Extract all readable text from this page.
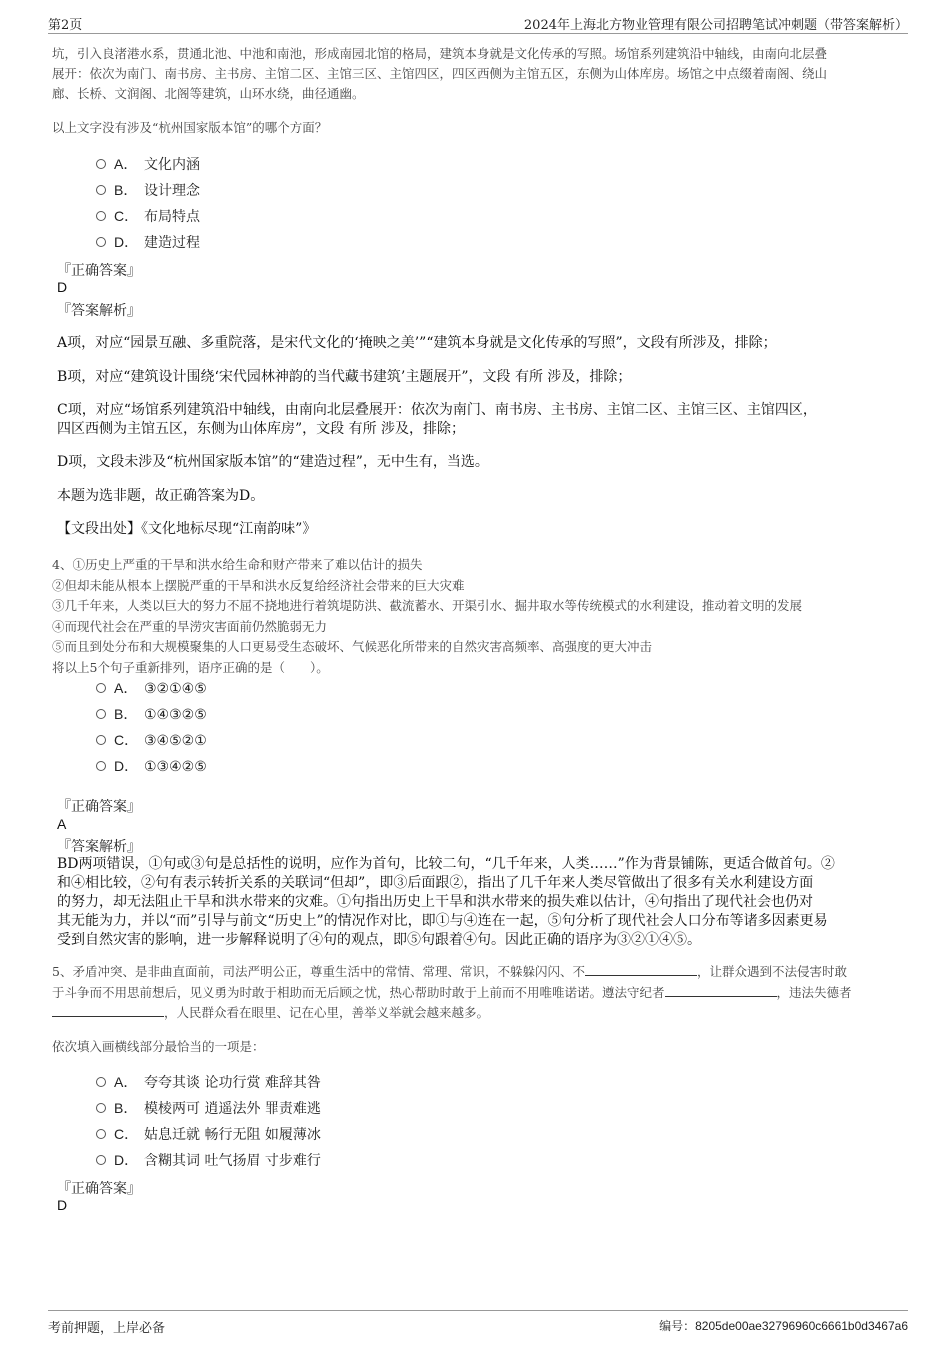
第2页	2024年上海北方物业管理有限公司招聘笔试冲刺题（带答案解析）
坑，引入良渚港水系，贯通北池、中池和南池，形成南园北馆的格局，建筑本身就是文化传承的写照。场馆系列建筑沿中轴线，由南向北层叠
展开：依次为南门、南书房、主书房、主馆二区、主馆三区、主馆四区，四区西侧为主馆五区，东侧为山体库房。场馆之中点缀着南阁、绕山
廊、长桥、文润阁、北阁等建筑，山环水绕，曲径通幽。
以上文字没有涉及“杭州国家版本馆”的哪个方面？
A． 文化内涵
B． 设计理念
C． 布局特点
D． 建造过程
『正确答案』
D
『答案解析』
A项，对应“园景互融、多重院落，是宋代文化的‘掩映之美’”“建筑本身就是文化传承的写照”，文段有所涉及，排除；
B项，对应“建筑设计围绕‘宋代园林神韵的当代藏书建筑’主题展开”，文段 有所 涉及，排除；
C项，对应“场馆系列建筑沿中轴线，由南向北层叠展开：依次为南门、南书房、主书房、主馆二区、主馆三区、主馆四区，
四区西侧为主馆五区，东侧为山体库房”，文段 有所 涉及，排除；
D项，文段未涉及“杭州国家版本馆”的“建造过程”，无中生有，当选。
本题为选非题，故正确答案为D。
【文段出处】《文化地标尽现“江南韵味”》
4、①历史上严重的干旱和洪水给生命和财产带来了难以估计的损失
②但却未能从根本上摆脱严重的干旱和洪水反复给经济社会带来的巨大灾难
③几千年来，人类以巨大的努力不屈不挠地进行着筑堤防洪、截流蓄水、开渠引水、掘井取水等传统模式的水利建设，推动着文明的发展
④而现代社会在严重的旱涝灾害面前仍然脆弱无力
⑤而且到处分布和大规模聚集的人口更易受生态破坏、气候恶化所带来的自然灾害高频率、高强度的更大冲击
将以上5个句子重新排列，语序正确的是（　　）。
A． ③②①④⑤
B． ①④③②⑤
C． ③④⑤②①
D． ①③④②⑤
『正确答案』
A
『答案解析』
BD两项错误，①句或③句是总括性的说明，应作为首句，比较二句，“几千年来，人类……”作为背景铺陈，更适合做首句。②
和④相比较，②句有表示转折关系的关联词“但却”，即③后面跟②，指出了几千年来人类尽管做出了很多有关水利建设方面
的努力，却无法阻止干旱和洪水带来的灾难。①句指出历史上干旱和洪水带来的损失难以估计，④句指出了现代社会也仍对
其无能为力，并以“而”引导与前文“历史上”的情况作对比，即①与④连在一起，⑤句分析了现代社会人口分布等诸多因素更易
受到自然灾害的影响，进一步解释说明了④句的观点，即⑤句跟着④句。因此正确的语序为③②①④⑤。
5、矛盾冲突、是非曲直面前，司法严明公正，尊重生活中的常情、常理、常识，不躲躲闪闪、不	，让群众遇到不法侵害时敢
于斗争而不用思前想后，见义勇为时敢于相助而无后顾之忧，热心帮助时敢于上前而不用唯唯诺诺。遵法守纪者	，违法失德者
，人民群众看在眼里、记在心里，善举义举就会越来越多。
依次填入画横线部分最恰当的一项是：
A． 夸夸其谈 论功行赏 难辞其咎
B． 模棱两可 逍遥法外 罪责难逃
C． 姑息迁就 畅行无阻 如履薄冰
D． 含糊其词 吐气扬眉 寸步难行
『正确答案』
D
考前押题，上岸必备	编号：8205de00ae32796960c6661b0d3467a6
